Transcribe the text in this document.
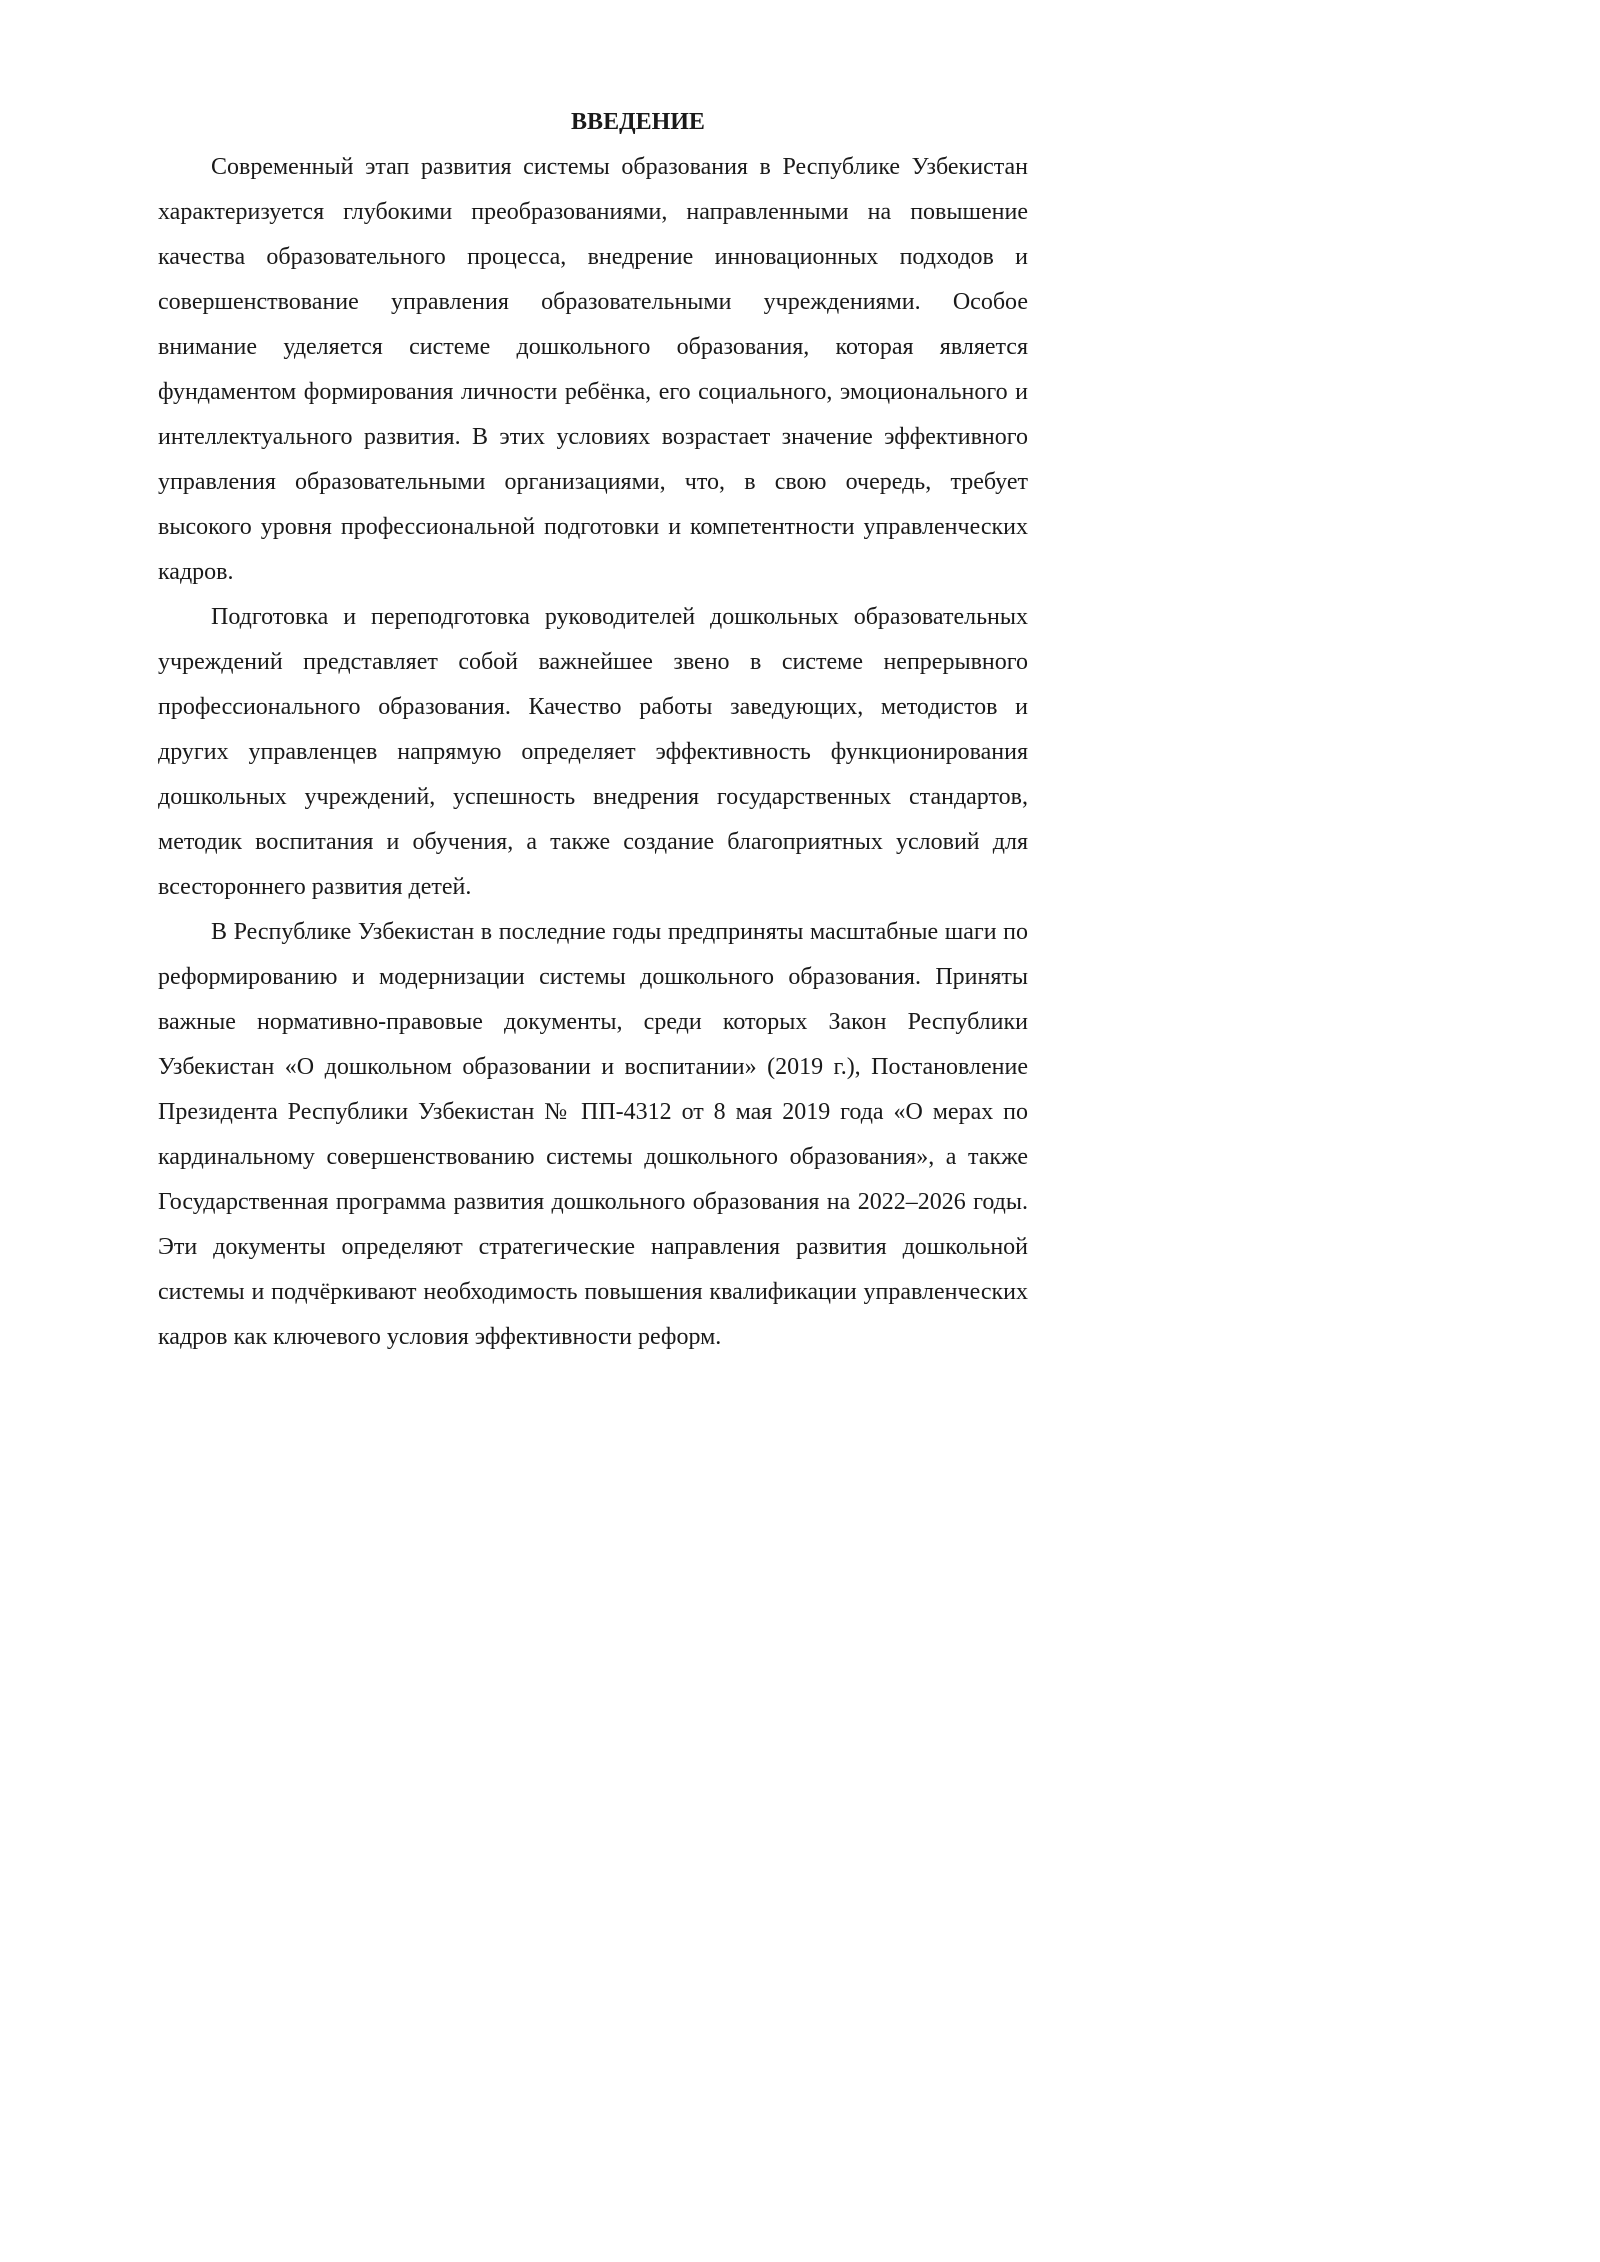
ВВЕДЕНИЕ

Современный этап развития системы образования в Республике Узбекистан характеризуется глубокими преобразованиями, направленными на повышение качества образовательного процесса, внедрение инновационных подходов и совершенствование управления образовательными учреждениями. Особое внимание уделяется системе дошкольного образования, которая является фундаментом формирования личности ребёнка, его социального, эмоционального и интеллектуального развития. В этих условиях возрастает значение эффективного управления образовательными организациями, что, в свою очередь, требует высокого уровня профессиональной подготовки и компетентности управленческих кадров.

Подготовка и переподготовка руководителей дошкольных образовательных учреждений представляет собой важнейшее звено в системе непрерывного профессионального образования. Качество работы заведующих, методистов и других управленцев напрямую определяет эффективность функционирования дошкольных учреждений, успешность внедрения государственных стандартов, методик воспитания и обучения, а также создание благоприятных условий для всестороннего развития детей.

В Республике Узбекистан в последние годы предприняты масштабные шаги по реформированию и модернизации системы дошкольного образования. Приняты важные нормативно-правовые документы, среди которых Закон Республики Узбекистан «О дошкольном образовании и воспитании» (2019 г.), Постановление Президента Республики Узбекистан № ПП-4312 от 8 мая 2019 года «О мерах по кардинальному совершенствованию системы дошкольного образования», а также Государственная программа развития дошкольного образования на 2022–2026 годы. Эти документы определяют стратегические направления развития дошкольной системы и подчёркивают необходимость повышения квалификации управленческих кадров как ключевого условия эффективности реформ.
